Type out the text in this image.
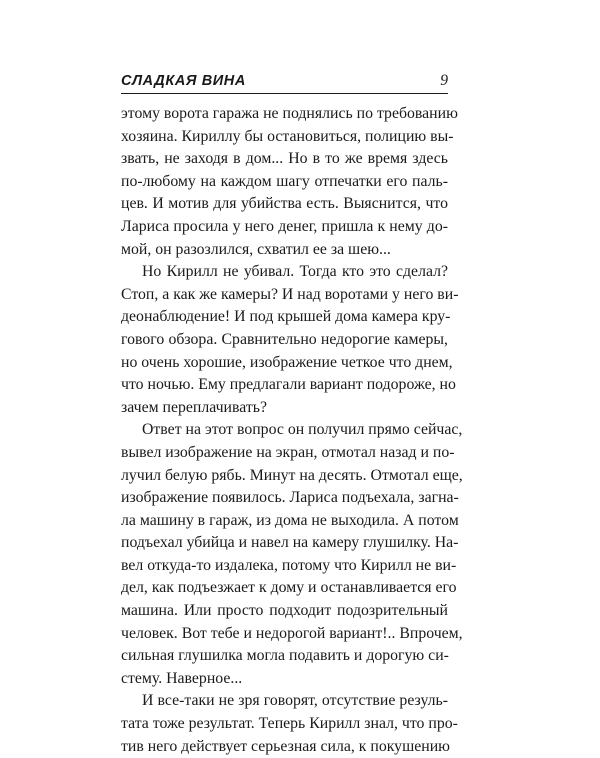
СЛАДКАЯ ВИНА	9
этому ворота гаража не поднялись по требованию
хозяина. Кириллу бы остановиться, полицию вы-
звать, не заходя в дом... Но в то же время здесь
по-любому на каждом шагу отпечатки его паль-
цев. И мотив для убийства есть. Выяснится, что
Лариса просила у него денег, пришла к нему до-
мой, он разозлился, схватил ее за шею...
Но Кирилл не убивал. Тогда кто это сделал?
Стоп, а как же камеры? И над воротами у него ви-
деонаблюдение! И под крышей дома камера кру-
гового обзора. Сравнительно недорогие камеры,
но очень хорошие, изображение четкое что днем,
что ночью. Ему предлагали вариант подороже, но
зачем переплачивать?
Ответ на этот вопрос он получил прямо сейчас,
вывел изображение на экран, отмотал назад и по-
лучил белую рябь. Минут на десять. Отмотал еще,
изображение появилось. Лариса подъехала, загна-
ла машину в гараж, из дома не выходила. А потом
подъехал убийца и навел на камеру глушилку. На-
вел откуда-то издалека, потому что Кирилл не ви-
дел, как подъезжает к дому и останавливается его
машина. Или просто подходит подозрительный
человек. Вот тебе и недорогой вариант!.. Впрочем,
сильная глушилка могла подавить и дорогую си-
стему. Наверное...
И все-таки не зря говорят, отсутствие резуль-
тата тоже результат. Теперь Кирилл знал, что про-
тив него действует серьезная сила, к покушению
